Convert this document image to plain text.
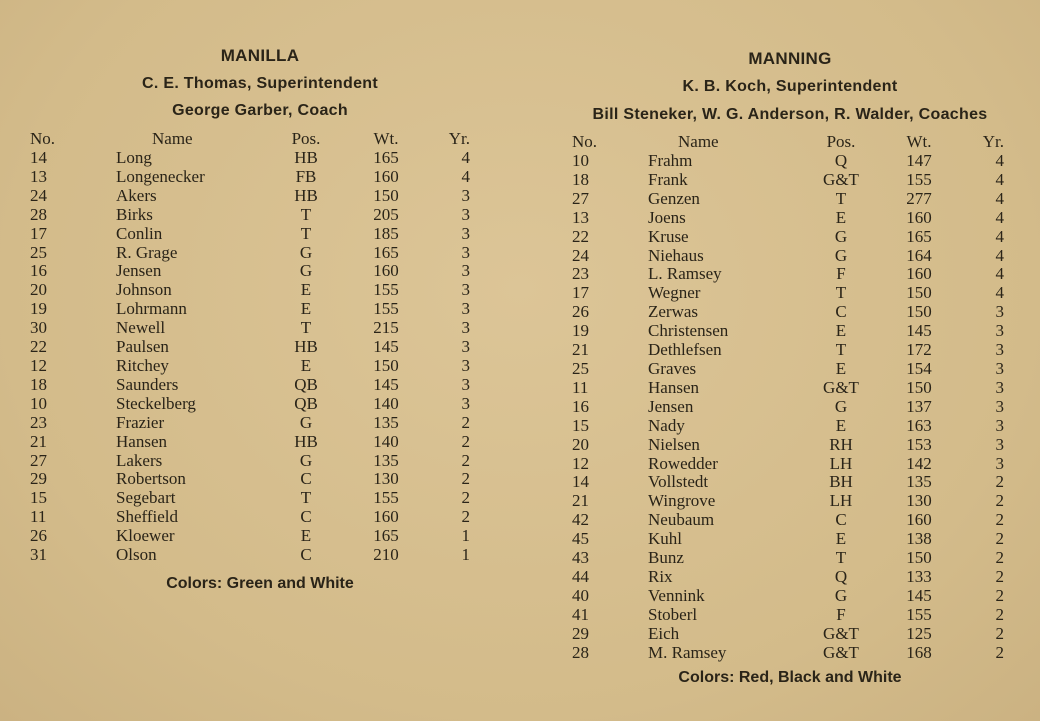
MANILLA
C. E. Thomas, Superintendent
George Garber, Coach
No.	Name	Pos.	Wt.	Yr.
14	Long	HB	165	4
13	Longenecker	FB	160	4
24	Akers	HB	150	3
28	Birks	T	205	3
17	Conlin	T	185	3
25	R. Grage	G	165	3
16	Jensen	G	160	3
20	Johnson	E	155	3
19	Lohrmann	E	155	3
30	Newell	T	215	3
22	Paulsen	HB	145	3
12	Ritchey	E	150	3
18	Saunders	QB	145	3
10	Steckelberg	QB	140	3
23	Frazier	G	135	2
21	Hansen	HB	140	2
27	Lakers	G	135	2
29	Robertson	C	130	2
15	Segebart	T	155	2
11	Sheffield	C	160	2
26	Kloewer	E	165	1
31	Olson	C	210	1

Colors: Green and White

MANNING
K. B. Koch, Superintendent
Bill Steneker, W. G. Anderson, R. Walder, Coaches
No.	Name	Pos.	Wt.	Yr.
10	Frahm	Q	147	4
18	Frank	G&T	155	4
27	Genzen	T	277	4
13	Joens	E	160	4
22	Kruse	G	165	4
24	Niehaus	G	164	4
23	L. Ramsey	F	160	4
17	Wegner	T	150	4
26	Zerwas	C	150	3
19	Christensen	E	145	3
21	Dethlefsen	T	172	3
25	Graves	E	154	3
11	Hansen	G&T	150	3
16	Jensen	G	137	3
15	Nady	E	163	3
20	Nielsen	RH	153	3
12	Rowedder	LH	142	3
14	Vollstedt	BH	135	2
21	Wingrove	LH	130	2
42	Neubaum	C	160	2
45	Kuhl	E	138	2
43	Bunz	T	150	2
44	Rix	Q	133	2
40	Vennink	G	145	2
41	Stoberl	F	155	2
29	Eich	G&T	125	2
28	M. Ramsey	G&T	168	2

Colors: Red, Black and White
